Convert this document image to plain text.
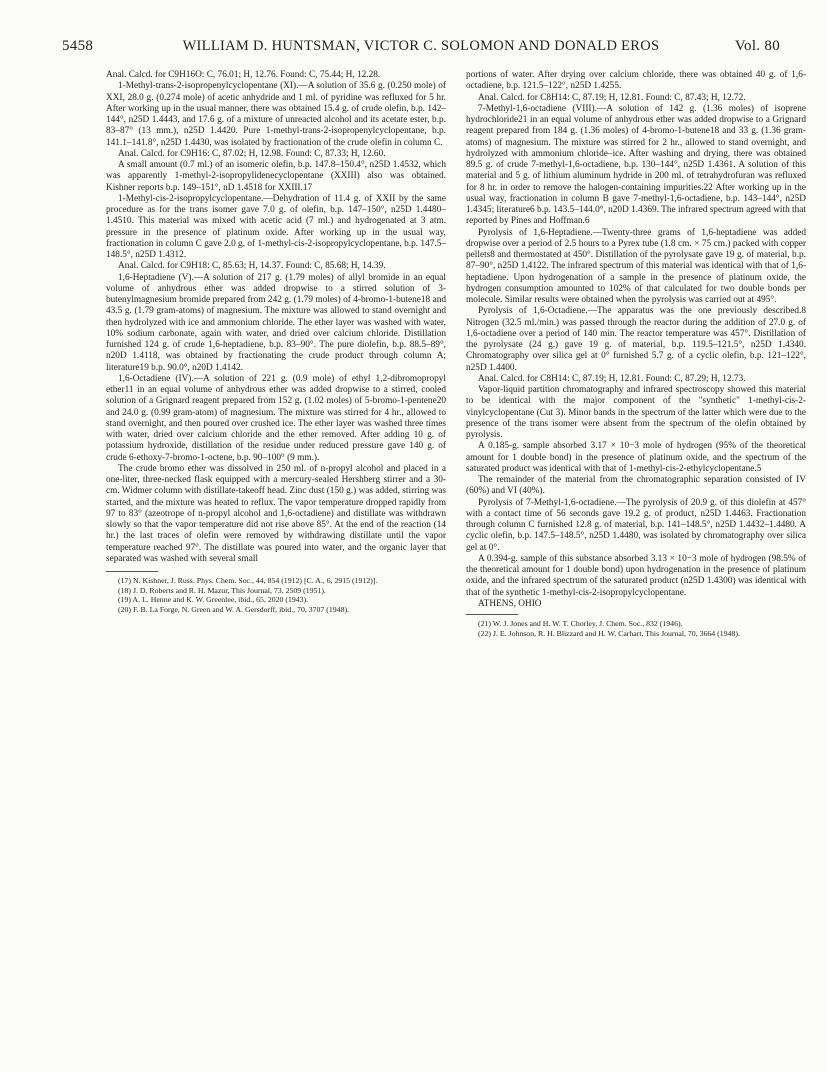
5458	WILLIAM D. HUNTSMAN, VICTOR C. SOLOMON AND DONALD EROS	Vol. 80

Anal. Calcd. for C9H16O: C, 76.01; H, 12.76. Found: C, 75.44; H, 12.28.

1-Methyl-trans-2-isopropenylcyclopentane (XI).—A solution of 35.6 g. (0.250 mole) of XXI, 28.0 g. (0.274 mole) of acetic anhydride and 1 ml. of pyridine was refluxed for 5 hr. After working up in the usual manner, there was obtained 15.4 g. of crude olefin, b.p. 142–144°, n25D 1.4443, and 17.6 g. of a mixture of unreacted alcohol and its acetate ester, b.p. 83–87° (13 mm.), n25D 1.4420. Pure 1-methyl-trans-2-isopropenylcyclopentane, b.p. 141.1–141.8°, n25D 1.4430, was isolated by fractionation of the crude olefin in column C.

Anal. Calcd. for C9H16: C, 87.02; H, 12.98. Found: C, 87.33; H, 12.60.

A small amount (0.7 ml.) of an isomeric olefin, b.p. 147.8–150.4°, n25D 1.4532, which was apparently 1-methyl-2-isopropylidenecyclopentane (XXIII) also was obtained. Kishner reports b.p. 149–151°, nD 1.4518 for XXIII.17

1-Methyl-cis-2-isopropylcyclopentane.—Dehydration of 11.4 g. of XXII by the same procedure as for the trans isomer gave 7.0 g. of olefin, b.p. 147–150°, n25D 1.4480–1.4510. This material was mixed with acetic acid (7 ml.) and hydrogenated at 3 atm. pressure in the presence of platinum oxide. After working up in the usual way, fractionation in column C gave 2.0 g. of 1-methyl-cis-2-isopropylcyclopentane, b.p. 147.5–148.5°, n25D 1.4312.

Anal. Calcd. for C9H18: C, 85.63; H, 14.37. Found: C, 85.68; H, 14.39.

1,6-Heptadiene (V).—A solution of 217 g. (1.79 moles) of allyl bromide in an equal volume of anhydrous ether was added dropwise to a stirred solution of 3-butenylmagnesium bromide prepared from 242 g. (1.79 moles) of 4-bromo-1-butene18 and 43.5 g. (1.79 gram-atoms) of magnesium. The mixture was allowed to stand overnight and then hydrolyzed with ice and ammonium chloride. The ether layer was washed with water, 10% sodium carbonate, again with water, and dried over calcium chloride. Distillation furnished 124 g. of crude 1,6-heptadiene, b.p. 83–90°. The pure diolefin, b.p. 88.5–89°, n20D 1.4118, was obtained by fractionating the crude product through column A; literature19 b.p. 90.0°, n20D 1.4142.

1,6-Octadiene (IV).—A solution of 221 g. (0.9 mole) of ethyl 1,2-dibromopropyl ether11 in an equal volume of anhydrous ether was added dropwise to a stirred, cooled solution of a Grignard reagent prepared from 152 g. (1.02 moles) of 5-bromo-1-pentene20 and 24.0 g. (0.99 gram-atom) of magnesium. The mixture was stirred for 4 hr., allowed to stand overnight, and then poured over crushed ice. The ether layer was washed three times with water, dried over calcium chloride and the ether removed. After adding 10 g. of potassium hydroxide, distillation of the residue under reduced pressure gave 140 g. of crude 6-ethoxy-7-bromo-1-octene, b.p. 90–100° (9 mm.).

The crude bromo ether was dissolved in 250 ml. of n-propyl alcohol and placed in a one-liter, three-necked flask equipped with a mercury-sealed Hershberg stirrer and a 30-cm. Widmer column with distillate-takeoff head. Zinc dust (150 g.) was added, stirring was started, and the mixture was heated to reflux. The vapor temperature dropped rapidly from 97 to 83° (azeotrope of n-propyl alcohol and 1,6-octadiene) and distillate was withdrawn slowly so that the vapor temperature did not rise above 85°. At the end of the reaction (14 hr.) the last traces of olefin were removed by withdrawing distillate until the vapor temperature reached 97°. The distillate was poured into water, and the organic layer that separated was washed with several small

(17) N. Kishner, J. Russ. Phys. Chem. Soc., 44, 854 (1912) [C. A., 6, 2915 (1912)].

(18) J. D. Roberts and R. H. Mazur, This Journal, 73, 2509 (1951).

(19) A. L. Henne and K. W. Greenlee, ibid., 65, 2020 (1943).

(20) F. B. La Forge, N. Green and W. A. Gersdorff, ibid., 70, 3707 (1948).

portions of water. After drying over calcium chloride, there was obtained 40 g. of 1,6-octadiene, b.p. 121.5–122°, n25D 1.4255.

Anal. Calcd. for C8H14: C, 87.19; H, 12.81. Found: C, 87.43; H, 12.72.

7-Methyl-1,6-octadiene (VIII).—A solution of 142 g. (1.36 moles) of isoprene hydrochloride21 in an equal volume of anhydrous ether was added dropwise to a Grignard reagent prepared from 184 g. (1.36 moles) of 4-bromo-1-butene18 and 33 g. (1.36 gram-atoms) of magnesium. The mixture was stirred for 2 hr., allowed to stand overnight, and hydrolyzed with ammonium chloride–ice. After washing and drying, there was obtained 89.5 g. of crude 7-methyl-1,6-octadiene, b.p. 130–144°, n25D 1.4361. A solution of this material and 5 g. of lithium aluminum hydride in 200 ml. of tetrahydrofuran was refluxed for 8 hr. in order to remove the halogen-containing impurities.22 After working up in the usual way, fractionation in column B gave 7-methyl-1,6-octadiene, b.p. 143–144°, n25D 1.4345; literature6 b.p. 143.5–144.0°, n20D 1.4369. The infrared spectrum agreed with that reported by Pines and Hoffman.6

Pyrolysis of 1,6-Heptadiene.—Twenty-three grams of 1,6-heptadiene was added dropwise over a period of 2.5 hours to a Pyrex tube (1.8 cm. × 75 cm.) packed with copper pellets8 and thermostated at 450°. Distillation of the pyrolysate gave 19 g. of material, b.p. 87–90°, n25D 1.4122. The infrared spectrum of this material was identical with that of 1,6-heptadiene. Upon hydrogenation of a sample in the presence of platinum oxide, the hydrogen consumption amounted to 102% of that calculated for two double bonds per molecule. Similar results were obtained when the pyrolysis was carried out at 495°.

Pyrolysis of 1,6-Octadiene.—The apparatus was the one previously described.8 Nitrogen (32.5 ml./min.) was passed through the reactor during the addition of 27.0 g. of 1,6-octadiene over a period of 140 min. The reactor temperature was 457°. Distillation of the pyrolysate (24 g.) gave 19 g. of material, b.p. 119.5–121.5°, n25D 1.4340. Chromatography over silica gel at 0° furnished 5.7 g. of a cyclic olefin, b.p. 121–122°, n25D 1.4400.

Anal. Calcd. for C8H14: C, 87.19; H, 12.81. Found: C, 87.29; H, 12.73.

Vapor-liquid partition chromatography and infrared spectroscopy showed this material to be identical with the major component of the "synthetic" 1-methyl-cis-2-vinylcyclopentane (Cut 3). Minor bands in the spectrum of the latter which were due to the presence of the trans isomer were absent from the spectrum of the olefin obtained by pyrolysis.

A 0.185-g. sample absorbed 3.17 × 10−3 mole of hydrogen (95% of the theoretical amount for 1 double bond) in the presence of platinum oxide, and the spectrum of the saturated product was identical with that of 1-methyl-cis-2-ethylcyclopentane.5

The remainder of the material from the chromatographic separation consisted of IV (60%) and VI (40%).

Pyrolysis of 7-Methyl-1,6-octadiene.—The pyrolysis of 20.9 g. of this diolefin at 457° with a contact time of 56 seconds gave 19.2 g. of product, n25D 1.4463. Fractionation through column C furnished 12.8 g. of material, b.p. 141–148.5°, n25D 1.4432–1.4480. A cyclic olefin, b.p. 147.5–148.5°, n25D 1.4480, was isolated by chromatography over silica gel at 0°.

A 0.394-g. sample of this substance absorbed 3.13 × 10−3 mole of hydrogen (98.5% of the theoretical amount for 1 double bond) upon hydrogenation in the presence of platinum oxide, and the infrared spectrum of the saturated product (n25D 1.4300) was identical with that of the synthetic 1-methyl-cis-2-isopropylcyclopentane.

ATHENS, OHIO

(21) W. J. Jones and H. W. T. Chorley, J. Chem. Soc., 832 (1946).

(22) J. E. Johnson, R. H. Blizzard and H. W. Carhart, This Journal, 70, 3664 (1948).
